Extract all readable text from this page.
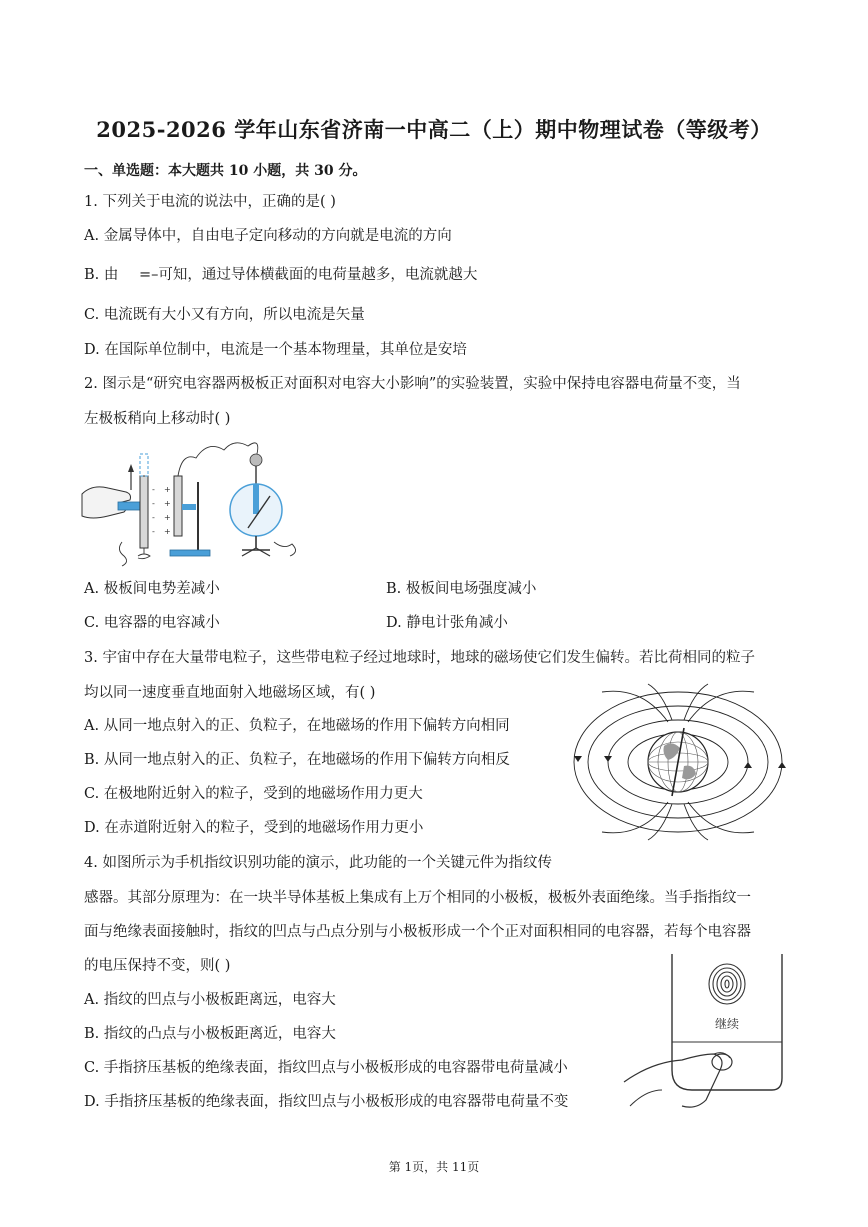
2025-2026 学年山东省济南一中高二（上）期中物理试卷（等级考）
一、单选题：本大题共 10 小题，共 30 分。
1. 下列关于电流的说法中，正确的是( )
A. 金属导体中，自由电子定向移动的方向就是电流的方向
B. 由 =–可知，通过导体横截面的电荷量越多，电流就越大
C. 电流既有大小又有方向，所以电流是矢量
D. 在国际单位制中，电流是一个基本物理量，其单位是安培
2. 图示是“研究电容器两极板正对面积对电容大小影响”的实验装置，实验中保持电容器电荷量不变，当
左极板稍向上移动时( )
-
-
-
-
+
+
+
+
A. 极板间电势差减小	B. 极板间电场强度减小
C. 电容器的电容减小	D. 静电计张角减小
3. 宇宙中存在大量带电粒子，这些带电粒子经过地球时，地球的磁场使它们发生偏转。若比荷相同的粒子
均以同一速度垂直地面射入地磁场区域，有( )
A. 从同一地点射入的正、负粒子，在地磁场的作用下偏转方向相同
B. 从同一地点射入的正、负粒子，在地磁场的作用下偏转方向相反
C. 在极地附近射入的粒子，受到的地磁场作用力更大
D. 在赤道附近射入的粒子，受到的地磁场作用力更小
4. 如图所示为手机指纹识别功能的演示，此功能的一个关键元件为指纹传
感器。其部分原理为：在一块半导体基板上集成有上万个相同的小极板，极板外表面绝缘。当手指指纹一
面与绝缘表面接触时，指纹的凹点与凸点分别与小极板形成一个个正对面积相同的电容器，若每个电容器
的电压保持不变，则( )
A. 指纹的凹点与小极板距离远，电容大
B. 指纹的凸点与小极板距离近，电容大
C. 手指挤压基板的绝缘表面，指纹凹点与小极板形成的电容器带电荷量减小
D. 手指挤压基板的绝缘表面，指纹凹点与小极板形成的电容器带电荷量不变
继续
第 1页，共 11页
